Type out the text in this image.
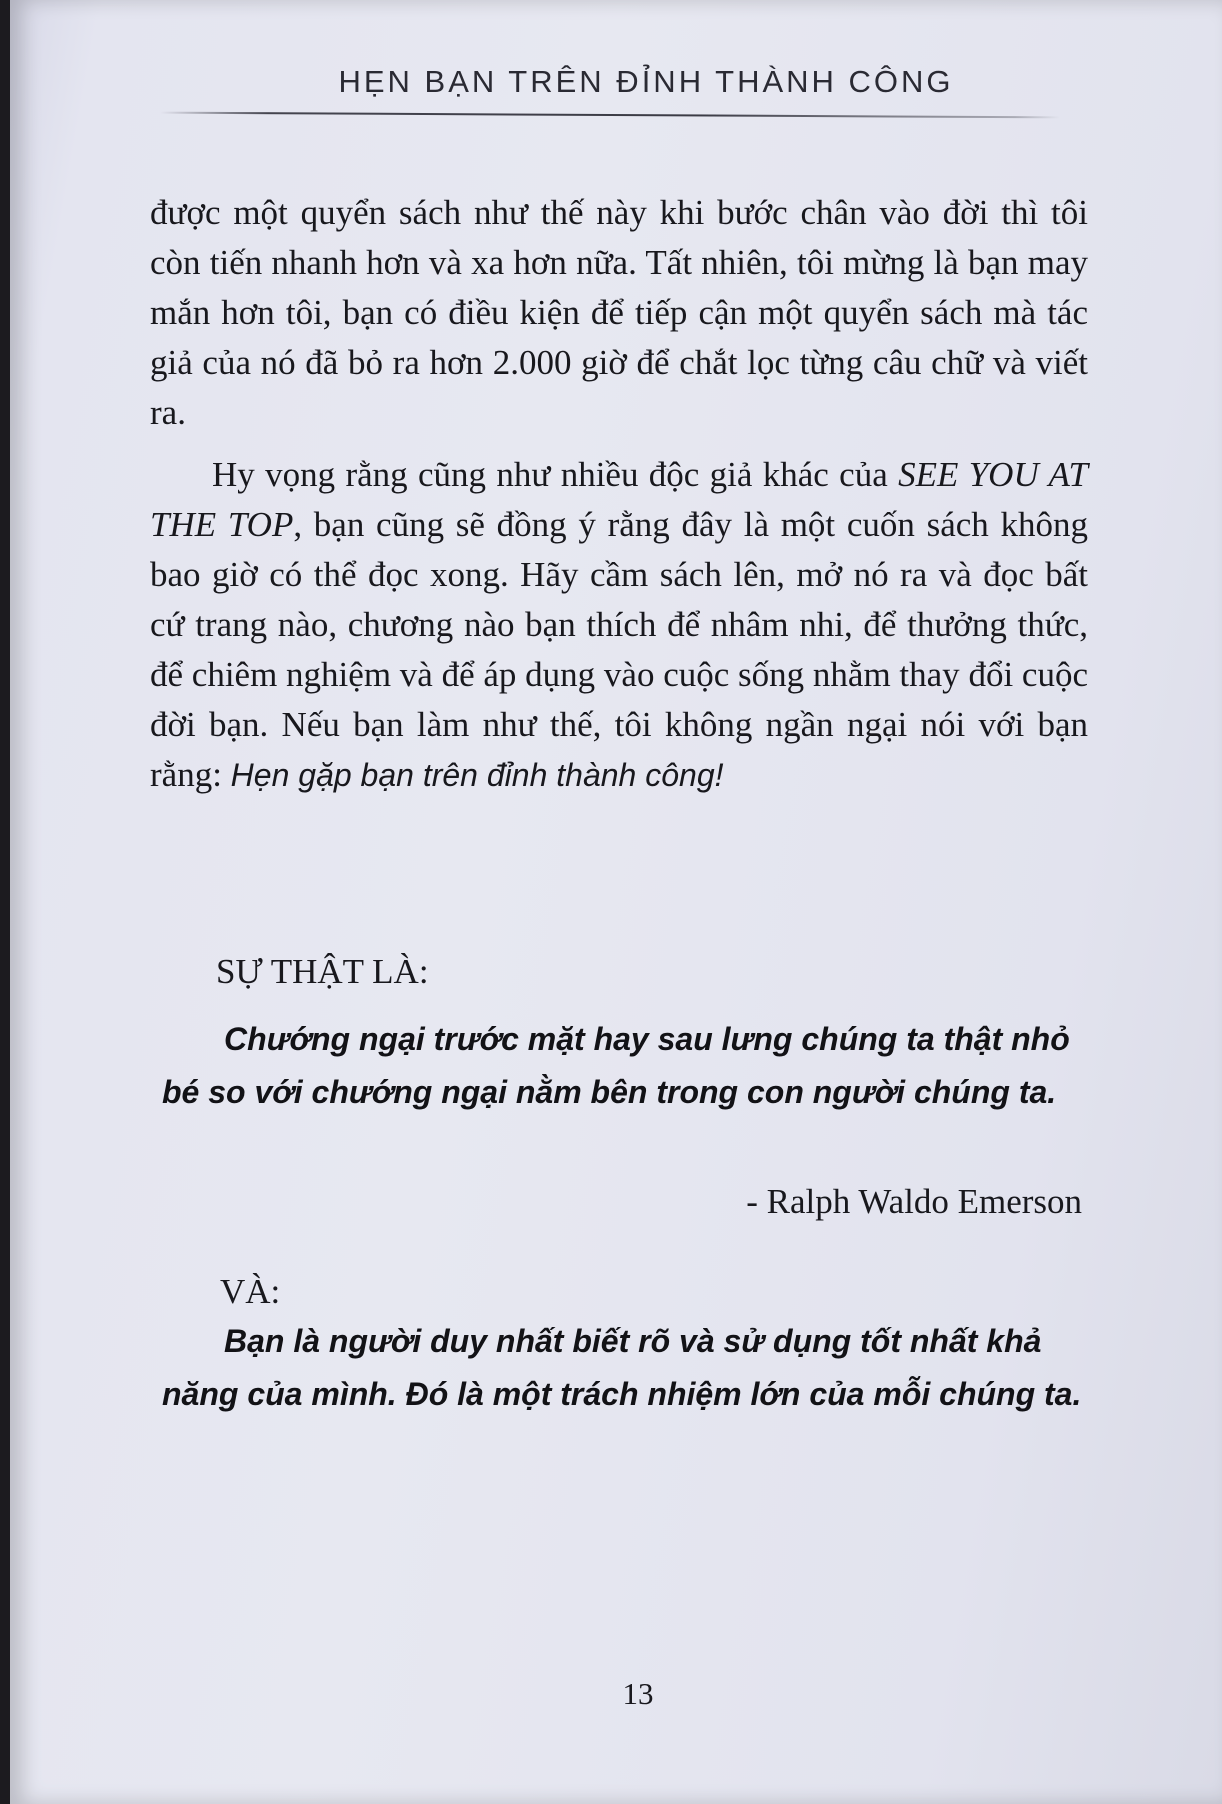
HẸN BẠN TRÊN ĐỈNH THÀNH CÔNG

được một quyển sách như thế này khi bước chân vào đời thì tôi còn tiến nhanh hơn và xa hơn nữa. Tất nhiên, tôi mừng là bạn may mắn hơn tôi, bạn có điều kiện để tiếp cận một quyển sách mà tác giả của nó đã bỏ ra hơn 2.000 giờ để chắt lọc từng câu chữ và viết ra.

Hy vọng rằng cũng như nhiều độc giả khác của SEE YOU AT THE TOP, bạn cũng sẽ đồng ý rằng đây là một cuốn sách không bao giờ có thể đọc xong. Hãy cầm sách lên, mở nó ra và đọc bất cứ trang nào, chương nào bạn thích để nhâm nhi, để thưởng thức, để chiêm nghiệm và để áp dụng vào cuộc sống nhằm thay đổi cuộc đời bạn. Nếu bạn làm như thế, tôi không ngần ngại nói với bạn rằng: Hẹn gặp bạn trên đỉnh thành công!

SỰ THẬT LÀ:
Chướng ngại trước mặt hay sau lưng chúng ta thật nhỏ bé so với chướng ngại nằm bên trong con người chúng ta.
- Ralph Waldo Emerson
VÀ:
Bạn là người duy nhất biết rõ và sử dụng tốt nhất khả năng của mình. Đó là một trách nhiệm lớn của mỗi chúng ta.
13
